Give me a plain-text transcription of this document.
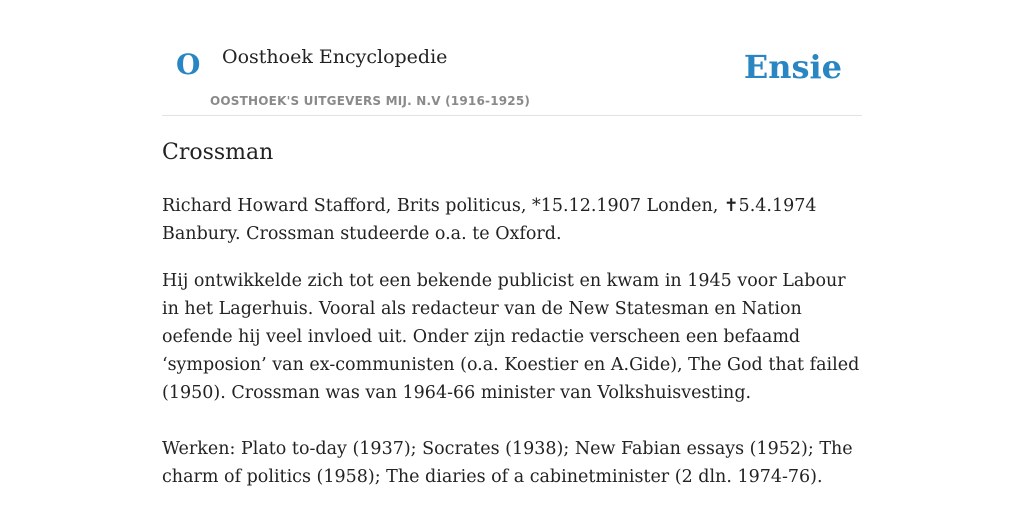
O Oosthoek Encyclopedie
OOSTHOEK'S UITGEVERS MIJ. N.V (1916-1925)
Ensie
Crossman

Richard Howard Stafford, Brits politicus, *15.12.1907 Londen, ✝5.4.1974 Banbury. Crossman studeerde o.a. te Oxford.

Hij ontwikkelde zich tot een bekende publicist en kwam in 1945 voor Labour in het Lagerhuis. Vooral als redacteur van de New Statesman en Nation oefende hij veel invloed uit. Onder zijn redactie verscheen een befaamd ‘symposion’ van ex-communisten (o.a. Koestier en A.Gide), The God that failed (1950). Crossman was van 1964-66 minister van Volkshuisvesting.

Werken: Plato to-day (1937); Socrates (1938); New Fabian essays (1952); The charm of politics (1958); The diaries of a cabinetminister (2 dln. 1974-76).
